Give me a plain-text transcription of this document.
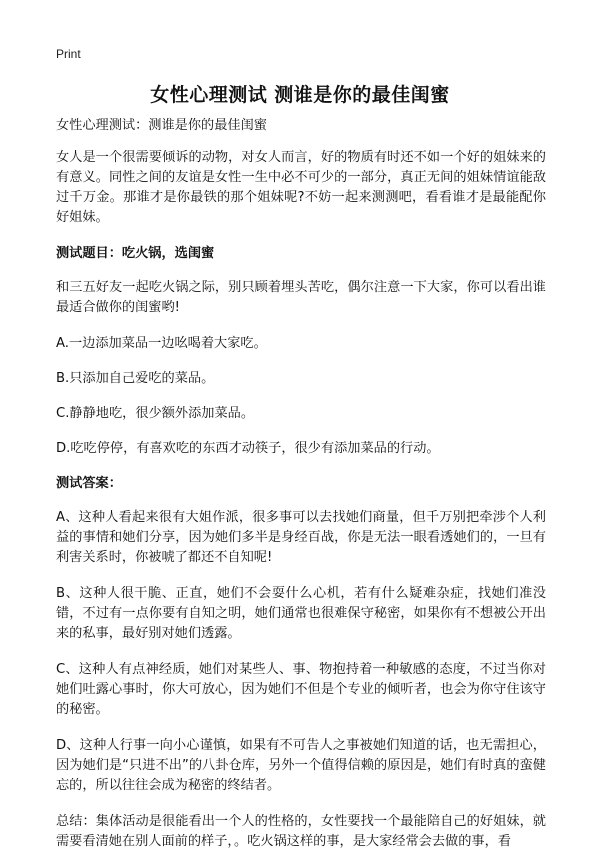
Print
女性心理测试 测谁是你的最佳闺蜜

女性心理测试：测谁是你的最佳闺蜜

女人是一个很需要倾诉的动物，对女人而言，好的物质有时还不如一个好的姐妹来的有意义。同性之间的友谊是女性一生中必不可少的一部分，真正无间的姐妹情谊能敌过千万金。那谁才是你最铁的那个姐妹呢?不妨一起来测测吧，看看谁才是最能配你好姐妹。

测试题目：吃火锅，选闺蜜

和三五好友一起吃火锅之际，别只顾着埋头苦吃，偶尔注意一下大家，你可以看出谁最适合做你的闺蜜哟!

A.一边添加菜品一边吆喝着大家吃。

B.只添加自己爱吃的菜品。

C.静静地吃，很少额外添加菜品。

D.吃吃停停，有喜欢吃的东西才动筷子，很少有添加菜品的行动。

测试答案：

A、这种人看起来很有大姐作派，很多事可以去找她们商量，但千万别把牵涉个人利益的事情和她们分享，因为她们多半是身经百战，你是无法一眼看透她们的，一旦有利害关系时，你被唬了都还不自知呢!

B、这种人很干脆、正直，她们不会耍什么心机，若有什么疑难杂症，找她们准没错，不过有一点你要有自知之明，她们通常也很难保守秘密，如果你有不想被公开出来的私事，最好别对她们透露。

C、这种人有点神经质，她们对某些人、事、物抱持着一种敏感的态度，不过当你对她们吐露心事时，你大可放心，因为她们不但是个专业的倾听者，也会为你守住该守的秘密。

D、这种人行事一向小心谨慎，如果有不可告人之事被她们知道的话，也无需担心，因为她们是“只进不出”的八卦仓库，另外一个值得信赖的原因是，她们有时真的蛮健忘的，所以往往会成为秘密的终结者。

总结：集体活动是很能看出一个人的性格的，女性要找一个最能陪自己的好姐妹，就需要看清她在别人面前的样子，。吃火锅这样的事，是大家经常会去做的事，看
